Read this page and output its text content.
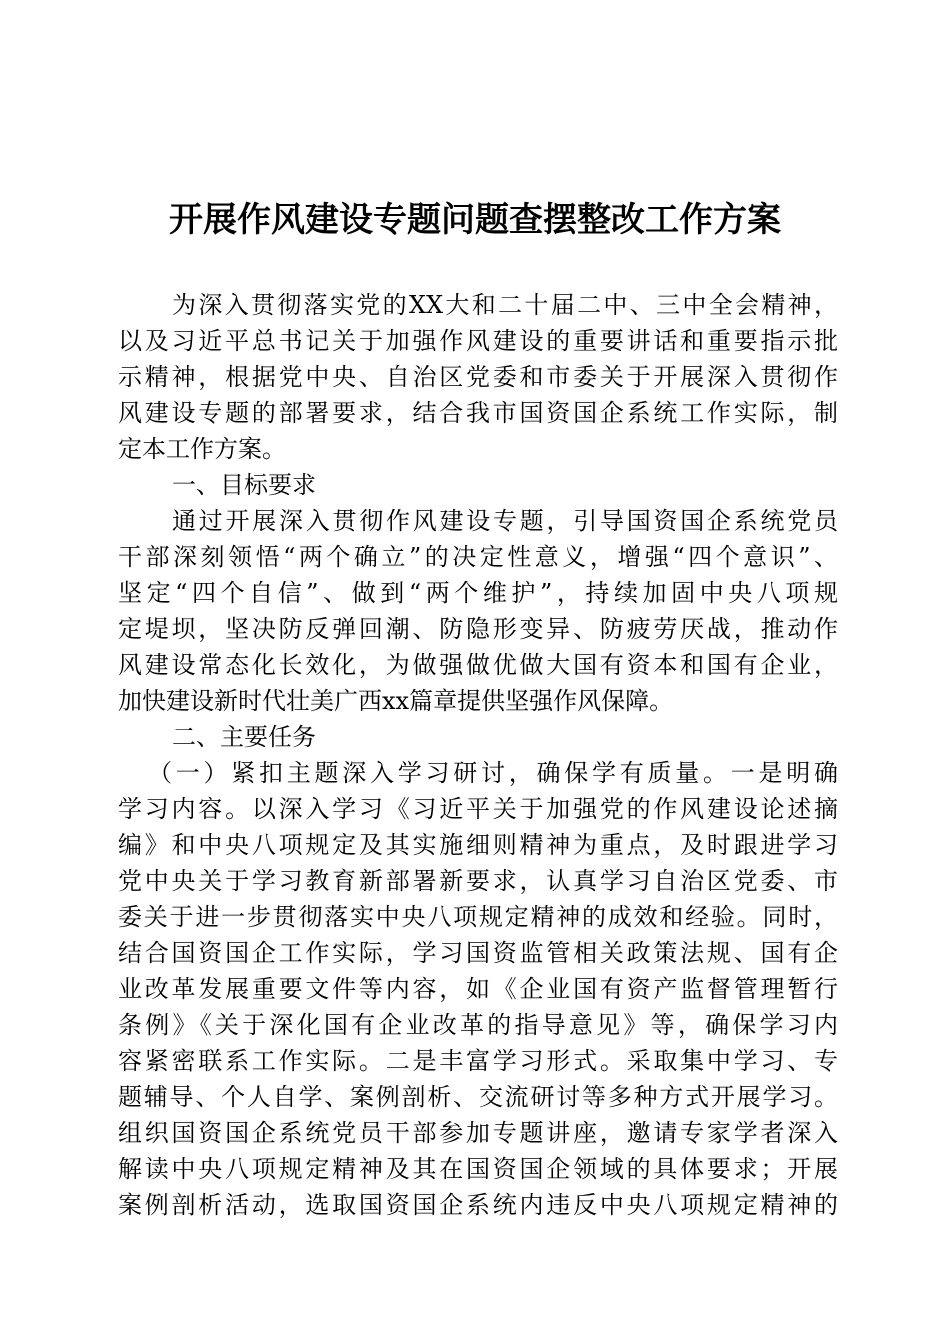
开展作风建设专题问题查摆整改工作方案
为深入贯彻落实党的XX大和二十届二中、三中全会精神，
以及习近平总书记关于加强作风建设的重要讲话和重要指示批
示精神，根据党中央、自治区党委和市委关于开展深入贯彻作
风建设专题的部署要求，结合我市国资国企系统工作实际，制
定本工作方案。
一、目标要求
通过开展深入贯彻作风建设专题，引导国资国企系统党员
干部深刻领悟“两个确立”的决定性意义，增强“四个意识”、
坚定“四个自信”、做到“两个维护”，持续加固中央八项规
定堤坝，坚决防反弹回潮、防隐形变异、防疲劳厌战，推动作
风建设常态化长效化，为做强做优做大国有资本和国有企业，
加快建设新时代壮美广西xx篇章提供坚强作风保障。
二、主要任务
（一）紧扣主题深入学习研讨，确保学有质量。一是明确
学习内容。以深入学习《习近平关于加强党的作风建设论述摘
编》和中央八项规定及其实施细则精神为重点，及时跟进学习
党中央关于学习教育新部署新要求，认真学习自治区党委、市
委关于进一步贯彻落实中央八项规定精神的成效和经验。同时，
结合国资国企工作实际，学习国资监管相关政策法规、国有企
业改革发展重要文件等内容，如《企业国有资产监督管理暂行
条例》《关于深化国有企业改革的指导意见》等，确保学习内
容紧密联系工作实际。二是丰富学习形式。采取集中学习、专
题辅导、个人自学、案例剖析、交流研讨等多种方式开展学习。
组织国资国企系统党员干部参加专题讲座，邀请专家学者深入
解读中央八项规定精神及其在国资国企领域的具体要求；开展
案例剖析活动，选取国资国企系统内违反中央八项规定精神的
